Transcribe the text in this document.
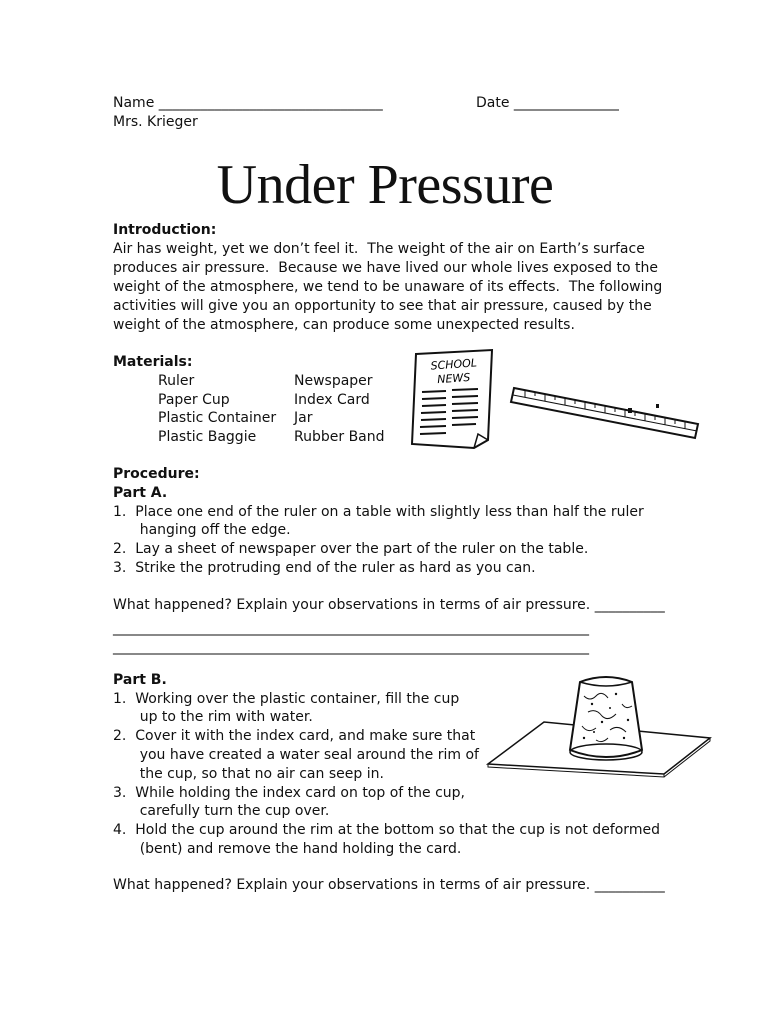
Name ________________________________	Date _______________
Mrs. Krieger
Under Pressure
Introduction:
Air has weight, yet we don’t feel it.  The weight of the air on Earth’s surface
produces air pressure.  Because we have lived our whole lives exposed to the
weight of the atmosphere, we tend to be unaware of its effects.  The following
activities will give you an opportunity to see that air pressure, caused by the
weight of the atmosphere, can produce some unexpected results.
Materials:
Ruler
Paper Cup
Plastic Container
Plastic Baggie
Newspaper
Index Card
Jar
Rubber Band
SCHOOL
NEWS
Procedure:
Part A.
1.  Place one end of the ruler on a table with slightly less than half the ruler
hanging off the edge.
2.  Lay a sheet of newspaper over the part of the ruler on the table.
3.  Strike the protruding end of the ruler as hard as you can.
What happened? Explain your observations in terms of air pressure. __________
____________________________________________________________________
____________________________________________________________________
Part B.
1.  Working over the plastic container, fill the cup
up to the rim with water.
2.  Cover it with the index card, and make sure that
you have created a water seal around the rim of
the cup, so that no air can seep in.
3.  While holding the index card on top of the cup,
carefully turn the cup over.
4.  Hold the cup around the rim at the bottom so that the cup is not deformed
(bent) and remove the hand holding the card.
What happened? Explain your observations in terms of air pressure. __________
